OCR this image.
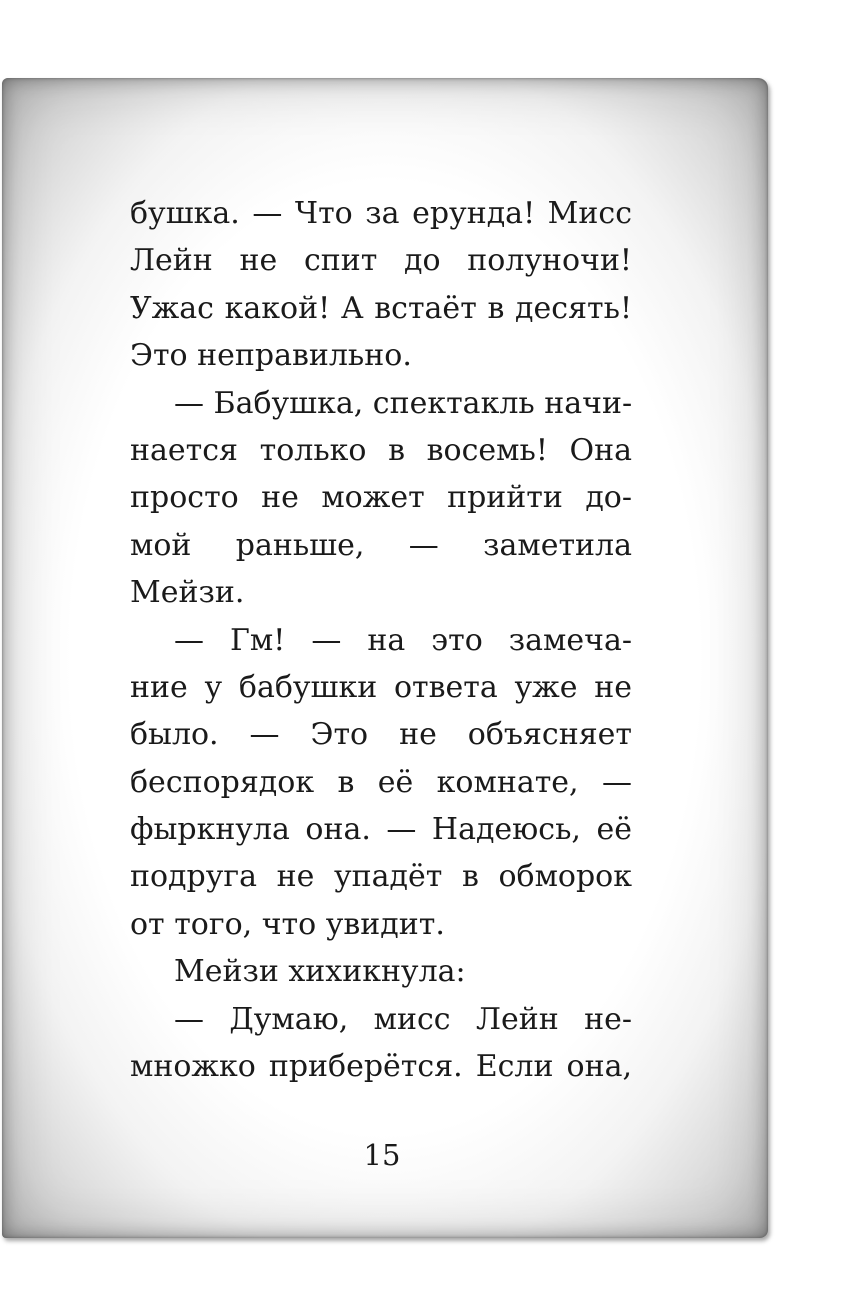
бушка. — Что за ерунда! Мисс
Лейн не спит до полуночи!
Ужас какой! А встаёт в десять!
Это неправильно.
— Бабушка, спектакль начи-
нается только в восемь! Она
просто не может прийти до-
мой раньше, — заметила
Мейзи.
— Гм! — на это замеча-
ние у бабушки ответа уже не
было. — Это не объясняет
беспорядок в её комнате, —
фыркнула она. — Надеюсь, её
подруга не упадёт в обморок
от того, что увидит.
Мейзи хихикнула:
— Думаю, мисс Лейн не-
множко приберётся. Если она,
15
